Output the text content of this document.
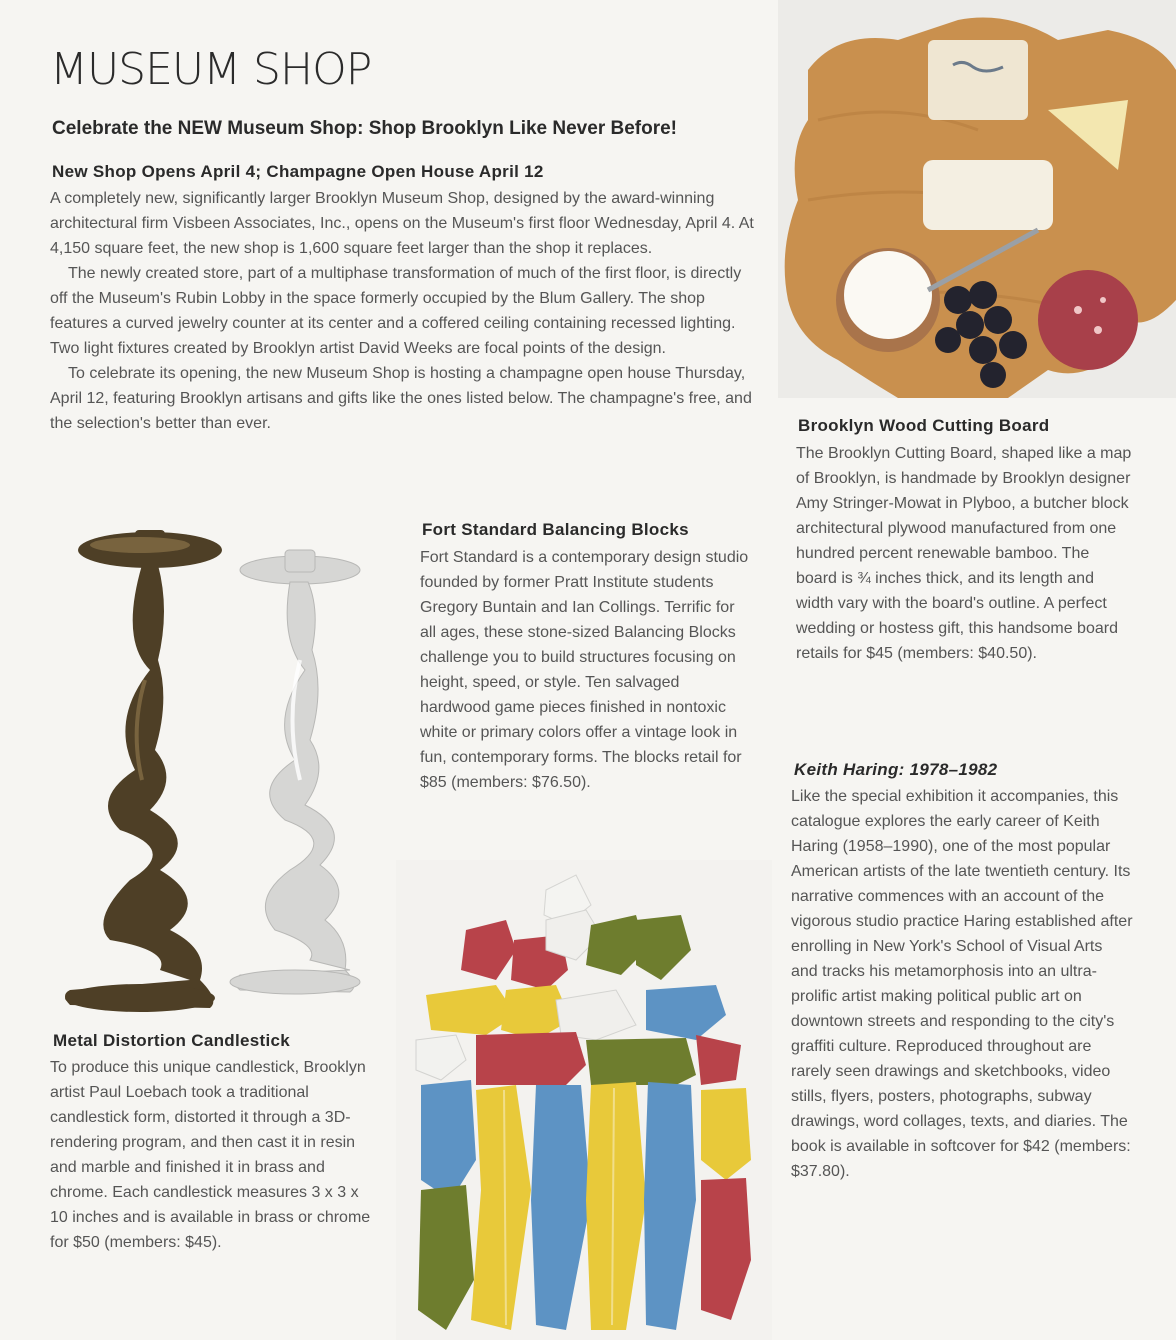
MUSEUM SHOP
Celebrate the NEW Museum Shop: Shop Brooklyn Like Never Before!
New Shop Opens April 4; Champagne Open House April 12

A completely new, significantly larger Brooklyn Museum Shop, designed by the award-winning architectural firm Visbeen Associates, Inc., opens on the Museum's first floor Wednesday, April 4. At 4,150 square feet, the new shop is 1,600 square feet larger than the shop it replaces.

The newly created store, part of a multiphase transformation of much of the first floor, is directly off the Museum's Rubin Lobby in the space formerly occupied by the Blum Gallery. The shop features a curved jewelry counter at its center and a coffered ceiling containing recessed lighting. Two light fixtures created by Brooklyn artist David Weeks are focal points of the design.

To celebrate its opening, the new Museum Shop is hosting a champagne open house Thursday, April 12, featuring Brooklyn artisans and gifts like the ones listed below. The champagne's free, and the selection's better than ever.	Brooklyn Wood Cutting Board

The Brooklyn Cutting Board, shaped like a map of Brooklyn, is handmade by Brooklyn designer Amy Stringer-Mowat in Plyboo, a butcher block architectural plywood manufactured from one hundred percent renewable bamboo. The board is ¾ inches thick, and its length and width vary with the board's outline. A perfect wedding or hostess gift, this handsome board retails for $45 (members: $40.50).

Metal Distortion Candlestick

To produce this unique candlestick, Brooklyn artist Paul Loebach took a traditional candlestick form, distorted it through a 3D-rendering program, and then cast it in resin and marble and finished it in brass and chrome. Each candlestick measures 3 x 3 x 10 inches and is available in brass or chrome for $50 (members: $45).

Fort Standard Balancing Blocks

Fort Standard is a contemporary design studio founded by former Pratt Institute students Gregory Buntain and Ian Collings. Terrific for all ages, these stone-sized Balancing Blocks challenge you to build structures focusing on height, speed, or style. Ten salvaged hardwood game pieces finished in nontoxic white or primary colors offer a vintage look in fun, contemporary forms. The blocks retail for $85 (members: $76.50).

Keith Haring: 1978–1982

Like the special exhibition it accompanies, this catalogue explores the early career of Keith Haring (1958–1990), one of the most popular American artists of the late twentieth century. Its narrative commences with an account of the vigorous studio practice Haring established after enrolling in New York's School of Visual Arts and tracks his metamorphosis into an ultra-prolific artist making political public art on downtown streets and responding to the city's graffiti culture. Reproduced throughout are rarely seen drawings and sketchbooks, video stills, flyers, posters, photographs, subway drawings, word collages, texts, and diaries. The book is available in softcover for $42 (members: $37.80).
